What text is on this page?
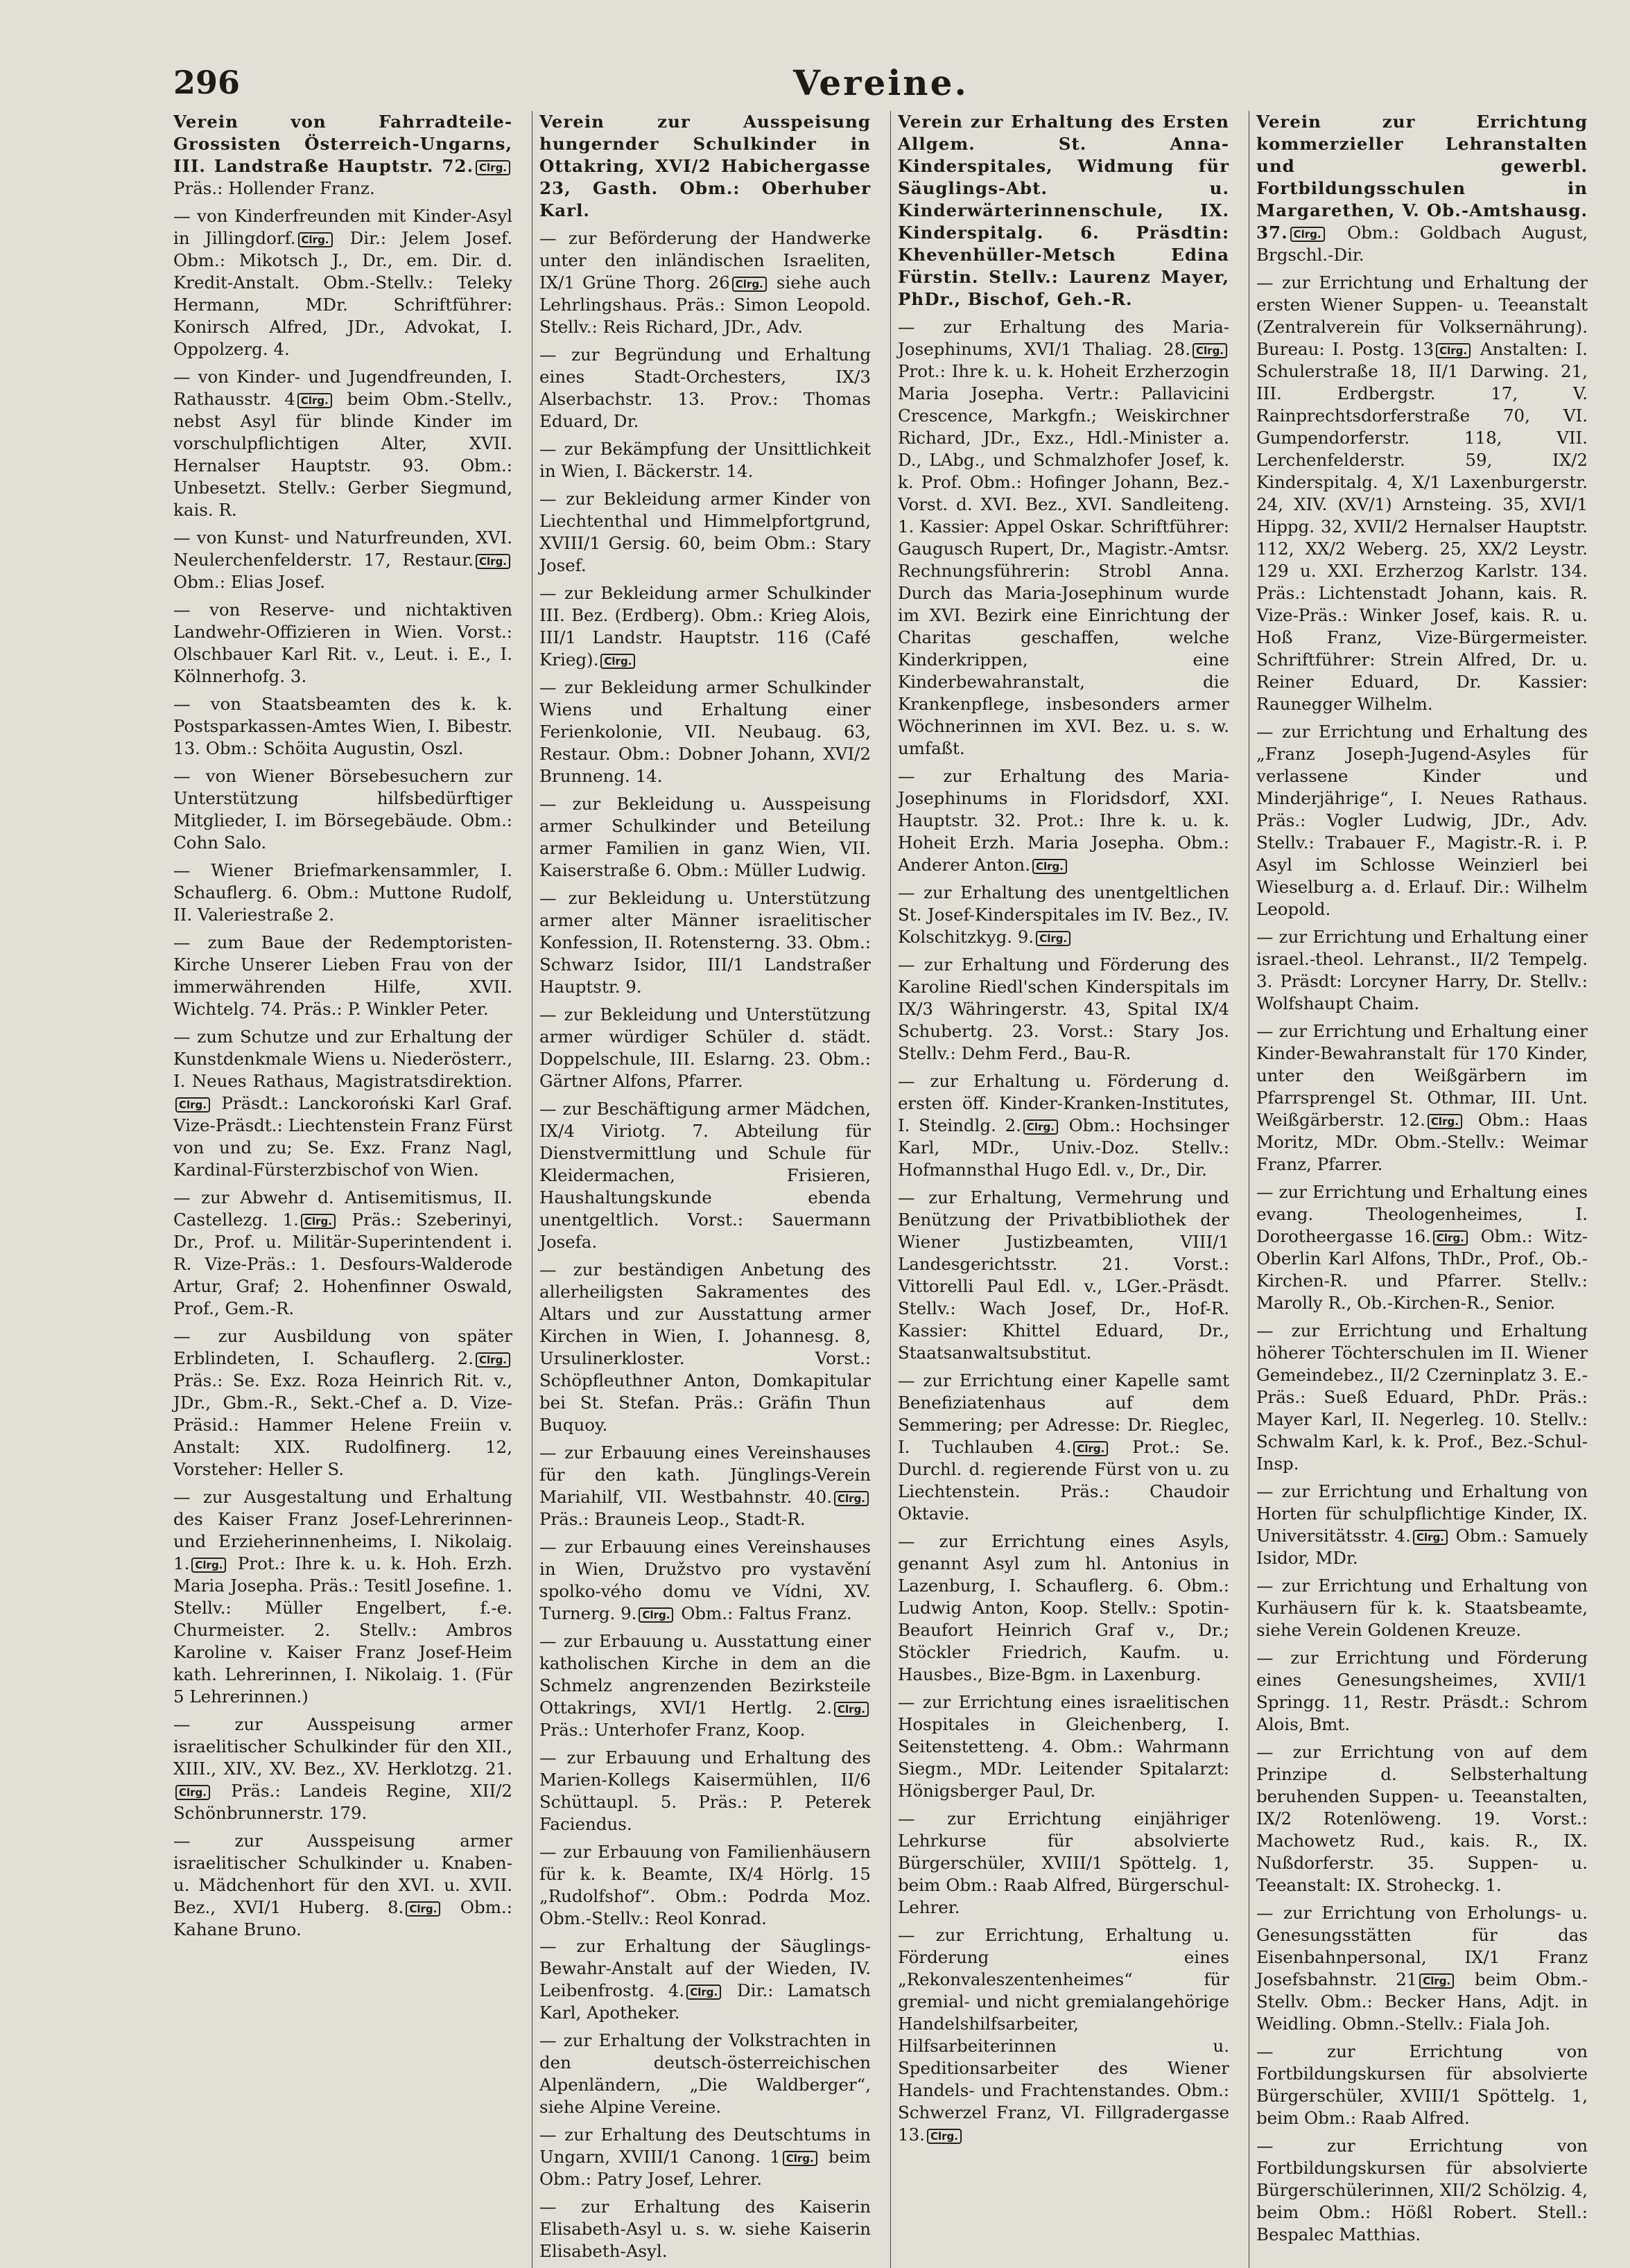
296	Vereine.
Verein von Fahrradteile-Grossisten Österreich-Ungarns, III. Landstraße Hauptstr. 72. Clrg. Präs.: Hollender Franz.
— von Kinderfreunden mit Kinder-Asyl in Jillingdorf. Clrg. Dir.: Jelem Josef. Obm.: Mikotsch J., Dr., em. Dir. d. Kredit-Anstalt. Obm.-Stellv.: Teleky Hermann, MDr. Schriftführer: Konirsch Alfred, JDr., Advokat, I. Oppolzerg. 4.
— von Kinder- und Jugendfreunden, I. Rathausstr. 4 Clrg. beim Obm.-Stellv., nebst Asyl für blinde Kinder im vorschulpflichtigen Alter, XVII. Hernalser Hauptstr. 93. Obm.: Unbesetzt. Stellv.: Gerber Siegmund, kais. R.
— von Kunst- und Naturfreunden, XVI. Neulerchenfelderstr. 17, Restaur. Clrg. Obm.: Elias Josef.
— von Reserve- und nichtaktiven Landwehr-Offizieren in Wien. Vorst.: Olschbauer Karl Rit. v., Leut. i. E., I. Kölnnerhofg. 3.
— von Staatsbeamten des k. k. Postsparkassen-Amtes Wien, I. Bibestr. 13. Obm.: Schöita Augustin, Oszl.
— von Wiener Börsebesuchern zur Unterstützung hilfsbedürftiger Mitglieder, I. im Börsegebäude. Obm.: Cohn Salo.
— Wiener Briefmarkensammler, I. Schauflerg. 6. Obm.: Muttone Rudolf, II. Valeriestraße 2.
— zum Baue der Redemptoristen-Kirche Unserer Lieben Frau von der immerwährenden Hilfe, XVII. Wichtelg. 74. Präs.: P. Winkler Peter.
— zum Schutze und zur Erhaltung der Kunstdenkmale Wiens u. Niederösterr., I. Neues Rathaus, Magistratsdirektion.Clrg. Präsdt.: Lanckoroński Karl Graf. Vize-Präsdt.: Liechtenstein Franz Fürst von und zu; Se. Exz. Franz Nagl, Kardinal-Fürsterzbischof von Wien.
— zur Abwehr d. Antisemitismus, II. Castellezg. 1. Clrg. Präs.: Szeberinyi, Dr., Prof. u. Militär-Superintendent i. R. Vize-Präs.: 1. Desfours-Walderode Artur, Graf; 2. Hohenfinner Oswald, Prof., Gem.-R.
— zur Ausbildung von später Erblindeten, I. Schauflerg. 2. Clrg. Präs.: Se. Exz. Roza Heinrich Rit. v., JDr., Gbm.-R., Sekt.-Chef a. D. Vize-Präsid.: Hammer Helene Freiin v. Anstalt: XIX. Rudolfinerg. 12, Vorsteher: Heller S.
— zur Ausgestaltung und Erhaltung des Kaiser Franz Josef-Lehrerinnen- und Erzieherinnenheims, I. Nikolaig. 1. Clrg. Prot.: Ihre k. u. k. Hoh. Erzh. Maria Josepha. Präs.: Tesitl Josefine. 1. Stellv.: Müller Engelbert, f.-e. Churmeister. 2. Stellv.: Ambros Karoline v. Kaiser Franz Josef-Heim kath. Lehrerinnen, I. Nikolaig. 1. (Für 5 Lehrerinnen.)
— zur Ausspeisung armer israelitischer Schulkinder für den XII., XIII., XIV., XV. Bez., XV. Herklotzg. 21.Clrg. Präs.: Landeis Regine, XII/2 Schönbrunnerstr. 179.
— zur Ausspeisung armer israelitischer Schulkinder u. Knaben- u. Mädchenhort für den XVI. u. XVII. Bez., XVI/1 Huberg. 8. Clrg. Obm.: Kahane Bruno.
Verein zur Ausspeisung hungernder Schulkinder in Ottakring, XVI/2 Habichergasse 23, Gasth. Obm.: Oberhuber Karl.
— zur Beförderung der Handwerke unter den inländischen Israeliten, IX/1 Grüne Thorg. 26 Clrg. siehe auch Lehrlingshaus. Präs.: Simon Leopold. Stellv.: Reis Richard, JDr., Adv.
— zur Begründung und Erhaltung eines Stadt-Orchesters, IX/3 Alserbachstr. 13. Prov.: Thomas Eduard, Dr.
— zur Bekämpfung der Unsittlichkeit in Wien, I. Bäckerstr. 14.
— zur Bekleidung armer Kinder von Liechtenthal und Himmelpfortgrund, XVIII/1 Gersig. 60, beim Obm.: Stary Josef.
— zur Bekleidung armer Schulkinder III. Bez. (Erdberg). Obm.: Krieg Alois, III/1 Landstr. Hauptstr. 116 (Café Krieg). Clrg.
— zur Bekleidung armer Schulkinder Wiens und Erhaltung einer Ferienkolonie, VII. Neubaug. 63, Restaur. Obm.: Dobner Johann, XVI/2 Brunneng. 14.
— zur Bekleidung u. Ausspeisung armer Schulkinder und Beteilung armer Familien in ganz Wien, VII. Kaiserstraße 6. Obm.: Müller Ludwig.
— zur Bekleidung u. Unterstützung armer alter Männer israelitischer Konfession, II. Rotensterng. 33. Obm.: Schwarz Isidor, III/1 Landstraßer Hauptstr. 9.
— zur Bekleidung und Unterstützung armer würdiger Schüler d. städt. Doppelschule, III. Eslarng. 23. Obm.: Gärtner Alfons, Pfarrer.
— zur Beschäftigung armer Mädchen, IX/4 Viriotg. 7. Abteilung für Dienstvermittlung und Schule für Kleidermachen, Frisieren, Haushaltungskunde ebenda unentgeltlich. Vorst.: Sauermann Josefa.
— zur beständigen Anbetung des allerheiligsten Sakramentes des Altars und zur Ausstattung armer Kirchen in Wien, I. Johannesg. 8, Ursulinerkloster. Vorst.: Schöpfleuthner Anton, Domkapitular bei St. Stefan. Präs.: Gräfin Thun Buquoy.
— zur Erbauung eines Vereinshauses für den kath. Jünglings-Verein Mariahilf, VII. Westbahnstr. 40. Clrg. Präs.: Brauneis Leop., Stadt-R.
— zur Erbauung eines Vereinshauses in Wien, Družstvo pro vystavění spolko-vého domu ve Vídni, XV. Turnerg. 9. Clrg. Obm.: Faltus Franz.
— zur Erbauung u. Ausstattung einer katholischen Kirche in dem an die Schmelz angrenzenden Bezirksteile Ottakrings, XVI/1 Hertlg. 2. Clrg. Präs.: Unterhofer Franz, Koop.
— zur Erbauung und Erhaltung des Marien-Kollegs Kaisermühlen, II/6 Schüttaupl. 5. Präs.: P. Peterek Faciendus.
— zur Erbauung von Familienhäusern für k. k. Beamte, IX/4 Hörlg. 15 „Rudolfshof“. Obm.: Podrda Moz. Obm.-Stellv.: Reol Konrad.
— zur Erhaltung der Säuglings-Bewahr-Anstalt auf der Wieden, IV. Leibenfrostg. 4. Clrg. Dir.: Lamatsch Karl, Apotheker.
— zur Erhaltung der Volkstrachten in den deutsch-österreichischen Alpenländern, „Die Waldberger“, siehe Alpine Vereine.
— zur Erhaltung des Deutschtums in Ungarn, XVIII/1 Canong. 1 Clrg. beim Obm.: Patry Josef, Lehrer.
— zur Erhaltung des Kaiserin Elisabeth-Asyl u. s. w. siehe Kaiserin Elisabeth-Asyl.
Verein zur Erhaltung des Ersten Allgem. St. Anna-Kinderspitales, Widmung für Säuglings-Abt. u. Kinderwärterinnenschule, IX. Kinderspitalg. 6. Präsdtin: Khevenhüller-Metsch Edina Fürstin. Stellv.: Laurenz Mayer, PhDr., Bischof, Geh.-R.
— zur Erhaltung des Maria-Josephinums, XVI/1 Thaliag. 28. Clrg. Prot.: Ihre k. u. k. Hoheit Erzherzogin Maria Josepha. Vertr.: Pallavicini Crescence, Markgfn.; Weiskirchner Richard, JDr., Exz., Hdl.-Minister a. D., LAbg., und Schmalzhofer Josef, k. k. Prof. Obm.: Hofinger Johann, Bez.-Vorst. d. XVI. Bez., XVI. Sandleiteng. 1. Kassier: Appel Oskar. Schriftführer: Gaugusch Rupert, Dr., Magistr.-Amtsr. Rechnungsführerin: Strobl Anna. Durch das Maria-Josephinum wurde im XVI. Bezirk eine Einrichtung der Charitas geschaffen, welche Kinderkrippen, eine Kinderbewahranstalt, die Krankenpflege, insbesonders armer Wöchnerinnen im XVI. Bez. u. s. w. umfaßt.
— zur Erhaltung des Maria-Josephinums in Floridsdorf, XXI. Hauptstr. 32. Prot.: Ihre k. u. k. Hoheit Erzh. Maria Josepha. Obm.: Anderer Anton. Clrg.
— zur Erhaltung des unentgeltlichen St. Josef-Kinderspitales im IV. Bez., IV. Kolschitzkyg. 9. Clrg.
— zur Erhaltung und Förderung des Karoline Riedl'schen Kinderspitals im IX/3 Währingerstr. 43, Spital IX/4 Schubertg. 23. Vorst.: Stary Jos. Stellv.: Dehm Ferd., Bau-R.
— zur Erhaltung u. Förderung d. ersten öff. Kinder-Kranken-Institutes, I. Steindlg. 2. Clrg. Obm.: Hochsinger Karl, MDr., Univ.-Doz. Stellv.: Hofmannsthal Hugo Edl. v., Dr., Dir.
— zur Erhaltung, Vermehrung und Benützung der Privatbibliothek der Wiener Justizbeamten, VIII/1 Landesgerichtsstr. 21. Vorst.: Vittorelli Paul Edl. v., LGer.-Präsdt. Stellv.: Wach Josef, Dr., Hof-R. Kassier: Khittel Eduard, Dr., Staatsanwaltsubstitut.
— zur Errichtung einer Kapelle samt Benefiziatenhaus auf dem Semmering; per Adresse: Dr. Rieglec, I. Tuchlauben 4. Clrg. Prot.: Se. Durchl. d. regierende Fürst von u. zu Liechtenstein. Präs.: Chaudoir Oktavie.
— zur Errichtung eines Asyls, genannt Asyl zum hl. Antonius in Lazenburg, I. Schauflerg. 6. Obm.: Ludwig Anton, Koop. Stellv.: Spotin-Beaufort Heinrich Graf v., Dr.; Stöckler Friedrich, Kaufm. u. Hausbes., Bize-Bgm. in Laxenburg.
— zur Errichtung eines israelitischen Hospitales in Gleichenberg, I. Seitenstetteng. 4. Obm.: Wahrmann Siegm., MDr. Leitender Spitalarzt: Hönigsberger Paul, Dr.
— zur Errichtung einjähriger Lehrkurse für absolvierte Bürgerschüler, XVIII/1 Spöttelg. 1, beim Obm.: Raab Alfred, Bürgerschul-Lehrer.
— zur Errichtung, Erhaltung u. Förderung eines „Rekonvaleszentenheimes“ für gremial- und nicht gremialangehörige Handelshilfsarbeiter, Hilfsarbeiterinnen u. Speditionsarbeiter des Wiener Handels- und Frachtenstandes. Obm.: Schwerzel Franz, VI. Fillgradergasse 13. Clrg.
Verein zur Errichtung kommerzieller Lehranstalten und gewerbl. Fortbildungsschulen in Margarethen, V. Ob.-Amtshausg. 37. Clrg. Obm.: Goldbach August, Brgschl.-Dir.
— zur Errichtung und Erhaltung der ersten Wiener Suppen- u. Teeanstalt (Zentralverein für Volksernährung). Bureau: I. Postg. 13 Clrg. Anstalten: I. Schulerstraße 18, II/1 Darwing. 21, III. Erdbergstr. 17, V. Rainprechtsdorferstraße 70, VI. Gumpendorferstr. 118, VII. Lerchenfelderstr. 59, IX/2 Kinderspitalg. 4, X/1 Laxenburgerstr. 24, XIV. (XV/1) Arnsteing. 35, XVI/1 Hippg. 32, XVII/2 Hernalser Hauptstr. 112, XX/2 Weberg. 25, XX/2 Leystr. 129 u. XXI. Erzherzog Karlstr. 134. Präs.: Lichtenstadt Johann, kais. R. Vize-Präs.: Winker Josef, kais. R. u. Hoß Franz, Vize-Bürgermeister. Schriftführer: Strein Alfred, Dr. u. Reiner Eduard, Dr. Kassier: Raunegger Wilhelm.
— zur Errichtung und Erhaltung des „Franz Joseph-Jugend-Asyles für verlassene Kinder und Minderjährige“, I. Neues Rathaus. Präs.: Vogler Ludwig, JDr., Adv. Stellv.: Trabauer F., Magistr.-R. i. P. Asyl im Schlosse Weinzierl bei Wieselburg a. d. Erlauf. Dir.: Wilhelm Leopold.
— zur Errichtung und Erhaltung einer israel.-theol. Lehranst., II/2 Tempelg. 3. Präsdt: Lorcyner Harry, Dr. Stellv.: Wolfshaupt Chaim.
— zur Errichtung und Erhaltung einer Kinder-Bewahranstalt für 170 Kinder, unter den Weißgärbern im Pfarrsprengel St. Othmar, III. Unt. Weißgärberstr. 12. Clrg. Obm.: Haas Moritz, MDr. Obm.-Stellv.: Weimar Franz, Pfarrer.
— zur Errichtung und Erhaltung eines evang. Theologenheimes, I. Dorotheergasse 16. Clrg. Obm.: Witz-Oberlin Karl Alfons, ThDr., Prof., Ob.-Kirchen-R. und Pfarrer. Stellv.: Marolly R., Ob.-Kirchen-R., Senior.
— zur Errichtung und Erhaltung höherer Töchterschulen im II. Wiener Gemeindebez., II/2 Czerninplatz 3. E.-Präs.: Sueß Eduard, PhDr. Präs.: Mayer Karl, II. Negerleg. 10. Stellv.: Schwalm Karl, k. k. Prof., Bez.-Schul-Insp.
— zur Errichtung und Erhaltung von Horten für schulpflichtige Kinder, IX. Universitätsstr. 4. Clrg. Obm.: Samuely Isidor, MDr.
— zur Errichtung und Erhaltung von Kurhäusern für k. k. Staatsbeamte, siehe Verein Goldenen Kreuze.
— zur Errichtung und Förderung eines Genesungsheimes, XVII/1 Springg. 11, Restr. Präsdt.: Schrom Alois, Bmt.
— zur Errichtung von auf dem Prinzipe d. Selbsterhaltung beruhenden Suppen- u. Teeanstalten, IX/2 Rotenlöweng. 19. Vorst.: Machowetz Rud., kais. R., IX. Nußdorferstr. 35. Suppen- u. Teeanstalt: IX. Stroheckg. 1.
— zur Errichtung von Erholungs- u. Genesungsstätten für das Eisenbahnpersonal, IX/1 Franz Josefsbahnstr. 21 Clrg. beim Obm.-Stellv. Obm.: Becker Hans, Adjt. in Weidling. Obmn.-Stellv.: Fiala Joh.
— zur Errichtung von Fortbildungskursen für absolvierte Bürgerschüler, XVIII/1 Spöttelg. 1, beim Obm.: Raab Alfred.
— zur Errichtung von Fortbildungskursen für absolvierte Bürgerschülerinnen, XII/2 Schölzig. 4, beim Obm.: Hößl Robert. Stell.: Bespalec Matthias.
